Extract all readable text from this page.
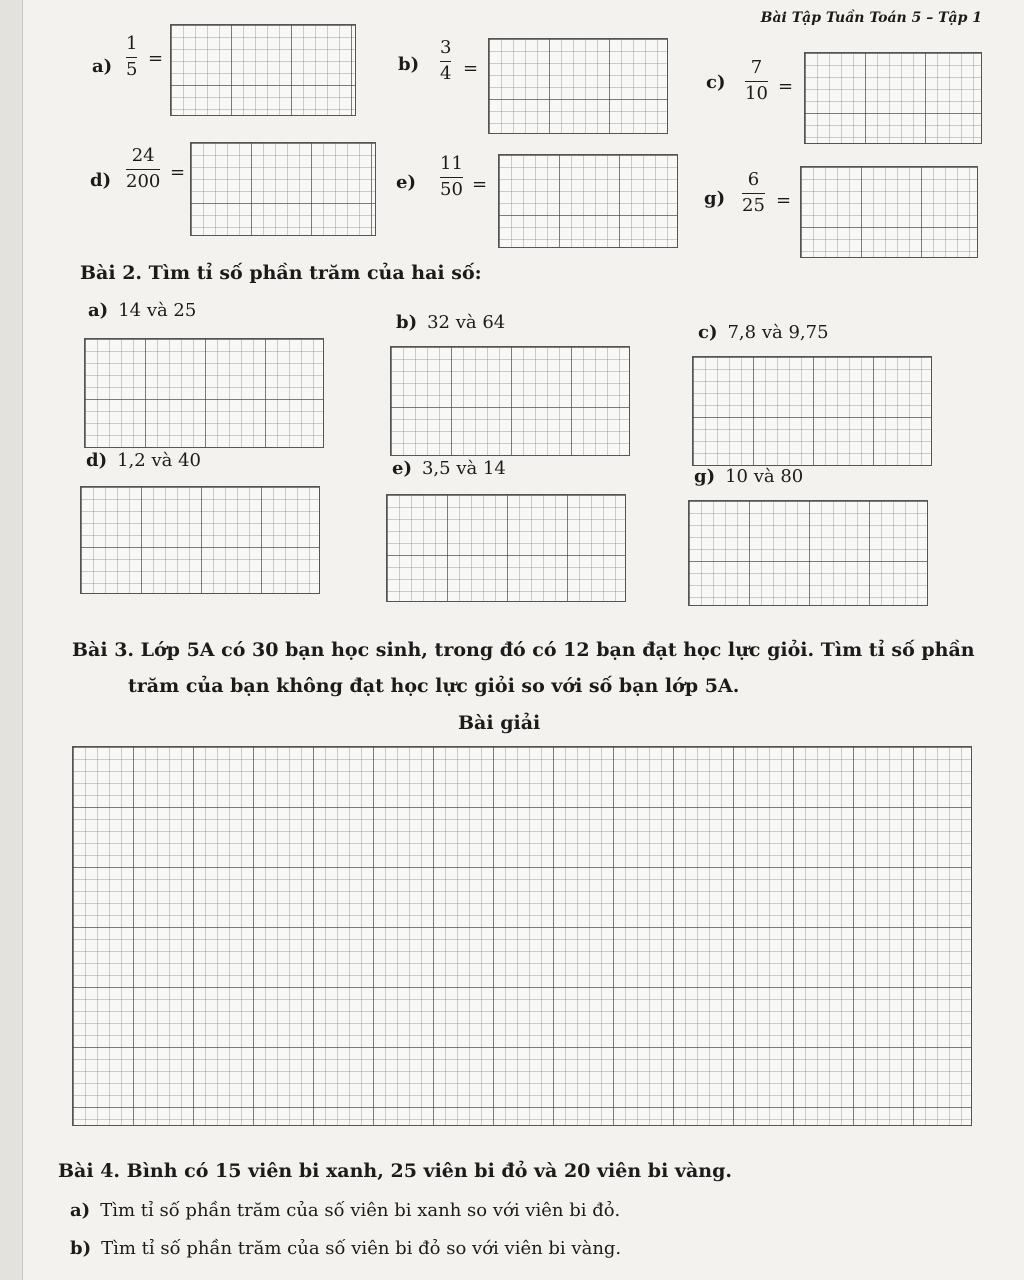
Bài Tập Tuần Toán 5 – Tập 1
a)
1
5
=	b)
3
4 =
c)
7
10 =
d)
24
200 =	e)
11
50 =
g)
6
25 =
Bài 2. Tìm tỉ số phần trăm của hai số:
a) 14 và 25
b) 32 và 64	c) 7,8 và 9,75
d) 1,2 và 40	e) 3,5 và 14	g) 10 và 80
Bài 3. Lớp 5A có 30 bạn học sinh, trong đó có 12 bạn đạt học lực giỏi. Tìm tỉ số phần
trăm của bạn không đạt học lực giỏi so với số bạn lớp 5A.
Bài giải
Bài 4. Bình có 15 viên bi xanh, 25 viên bi đỏ và 20 viên bi vàng.
a) Tìm tỉ số phần trăm của số viên bi xanh so với viên bi đỏ.
b) Tìm tỉ số phần trăm của số viên bi đỏ so với viên bi vàng.
